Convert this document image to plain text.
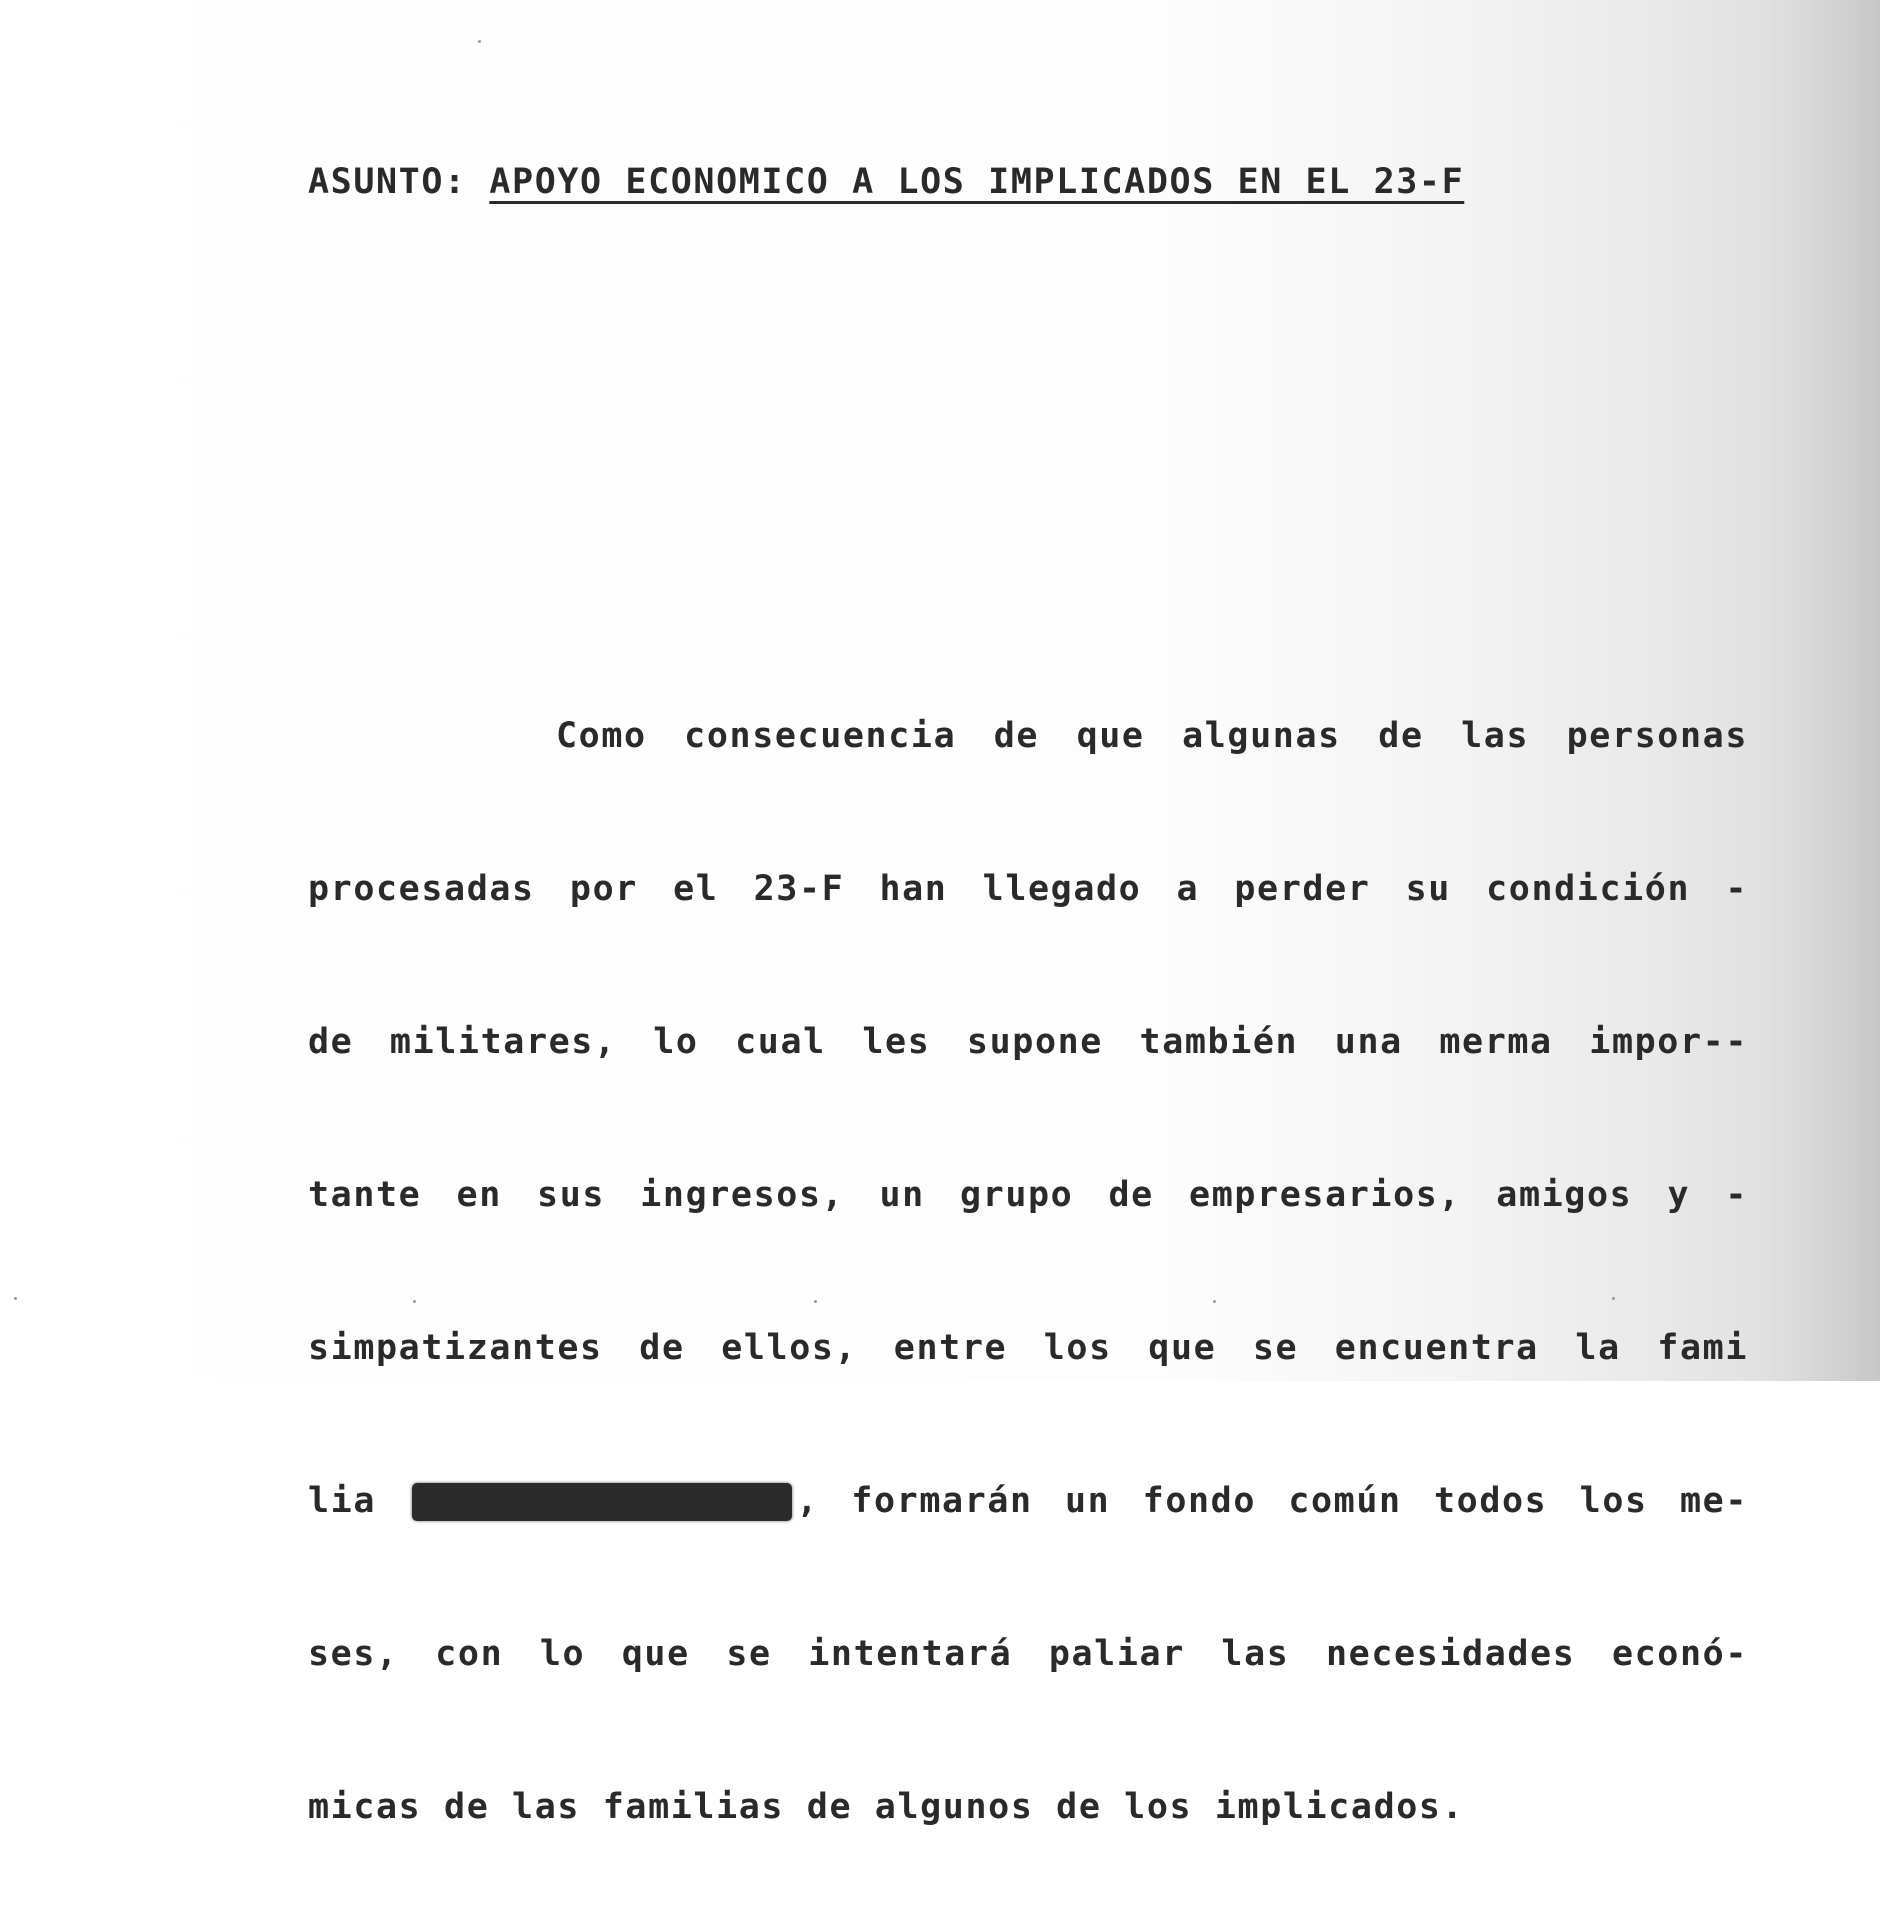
ASUNTO: APOYO ECONOMICO A LOS IMPLICADOS EN EL 23-F

Como consecuencia de que algunas de las personas

procesadas por el 23-F han llegado a perder su condición -

de militares, lo cual les supone también una merma impor--

tante en sus ingresos, un grupo de empresarios, amigos y -

simpatizantes de ellos, entre los que se encuentra la fami

lia	, formarán un fondo común todos los me-

ses, con lo que se intentará paliar las necesidades econó-

micas de las familias de algunos de los implicados.
